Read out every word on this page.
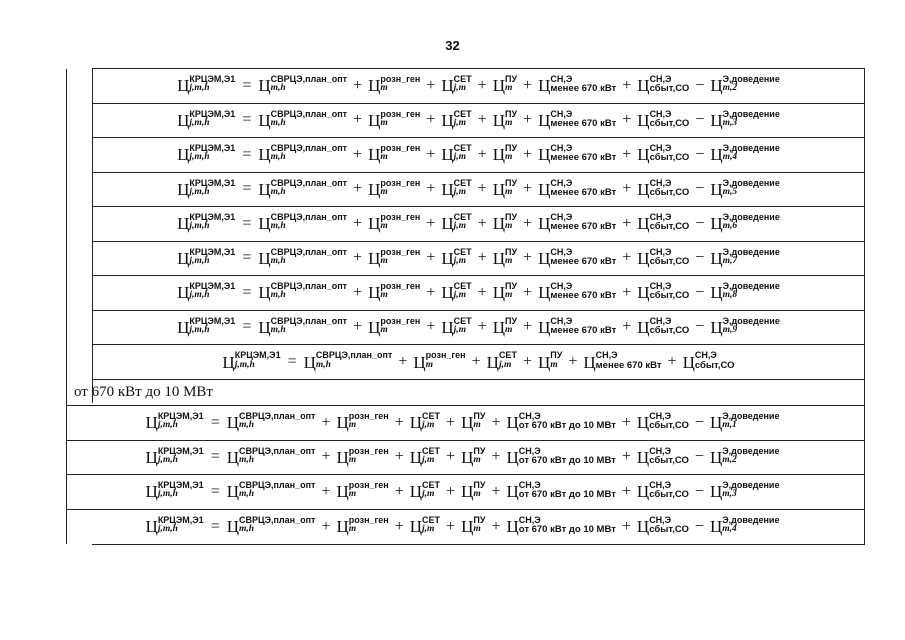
32
Ц КРЦЭМ,Э1
j,m,h	= Ц СВРЦЭ,план_опт
m,h	+ Ц розн_ген
m	+ Ц СЕТ
j,m + Ц ПУ
m + Ц СН,Э
менее 670 кВт + Ц СН,Э
сбыт,СО − Ц Э,доведение
m,2
Ц КРЦЭМ,Э1
j,m,h	= Ц СВРЦЭ,план_опт
m,h	+ Ц розн_ген
m	+ Ц СЕТ
j,m + Ц ПУ
m + Ц СН,Э
менее 670 кВт + Ц СН,Э
сбыт,СО − Ц Э,доведение
m,3
Ц КРЦЭМ,Э1
j,m,h	= Ц СВРЦЭ,план_опт
m,h	+ Ц розн_ген
m	+ Ц СЕТ
j,m + Ц ПУ
m + Ц СН,Э
менее 670 кВт + Ц СН,Э
сбыт,СО − Ц Э,доведение
m,4
Ц КРЦЭМ,Э1
j,m,h	= Ц СВРЦЭ,план_опт
m,h	+ Ц розн_ген
m	+ Ц СЕТ
j,m + Ц ПУ
m + Ц СН,Э
менее 670 кВт + Ц СН,Э
сбыт,СО − Ц Э,доведение
m,5
Ц КРЦЭМ,Э1
j,m,h	= Ц СВРЦЭ,план_опт
m,h	+ Ц розн_ген
m	+ Ц СЕТ
j,m + Ц ПУ
m + Ц СН,Э
менее 670 кВт + Ц СН,Э
сбыт,СО − Ц Э,доведение
m,6
Ц КРЦЭМ,Э1
j,m,h	= Ц СВРЦЭ,план_опт
m,h	+ Ц розн_ген
m	+ Ц СЕТ
j,m + Ц ПУ
m + Ц СН,Э
менее 670 кВт + Ц СН,Э
сбыт,СО − Ц Э,доведение
m,7
Ц КРЦЭМ,Э1
j,m,h	= Ц СВРЦЭ,план_опт
m,h	+ Ц розн_ген
m	+ Ц СЕТ
j,m + Ц ПУ
m + Ц СН,Э
менее 670 кВт + Ц СН,Э
сбыт,СО − Ц Э,доведение
m,8
Ц КРЦЭМ,Э1
j,m,h	= Ц СВРЦЭ,план_опт
m,h	+ Ц розн_ген
m	+ Ц СЕТ
j,m + Ц ПУ
m + Ц СН,Э
менее 670 кВт + Ц СН,Э
сбыт,СО − Ц Э,доведение
m,9
Ц КРЦЭМ,Э1
j,m,h	= Ц СВРЦЭ,план_опт
m,h	+ Ц розн_ген
m	+ Ц СЕТ
j,m + Ц ПУ
m + Ц СН,Э
менее 670 кВт + Ц СН,Э
сбыт,СО
от 670 кВт до 10 МВт
Ц КРЦЭМ,Э1
j,m,h	= Ц СВРЦЭ,план_опт
m,h	+ Ц розн_ген
m	+ Ц СЕТ
j,m + Ц ПУ
m + Ц СН,Э
от 670 кВт до 10 МВт + Ц СН,Э
сбыт,СО − Ц Э,доведение
m,1
Ц КРЦЭМ,Э1
j,m,h	= Ц СВРЦЭ,план_опт
m,h	+ Ц розн_ген
m	+ Ц СЕТ
j,m + Ц ПУ
m + Ц СН,Э
от 670 кВт до 10 МВт + Ц СН,Э
сбыт,СО − Ц Э,доведение
m,2
Ц КРЦЭМ,Э1
j,m,h	= Ц СВРЦЭ,план_опт
m,h	+ Ц розн_ген
m	+ Ц СЕТ
j,m + Ц ПУ
m + Ц СН,Э
от 670 кВт до 10 МВт + Ц СН,Э
сбыт,СО − Ц Э,доведение
m,3
Ц КРЦЭМ,Э1
j,m,h	= Ц СВРЦЭ,план_опт
m,h	+ Ц розн_ген
m	+ Ц СЕТ
j,m + Ц ПУ
m + Ц СН,Э
от 670 кВт до 10 МВт + Ц СН,Э
сбыт,СО − Ц Э,доведение
m,4
